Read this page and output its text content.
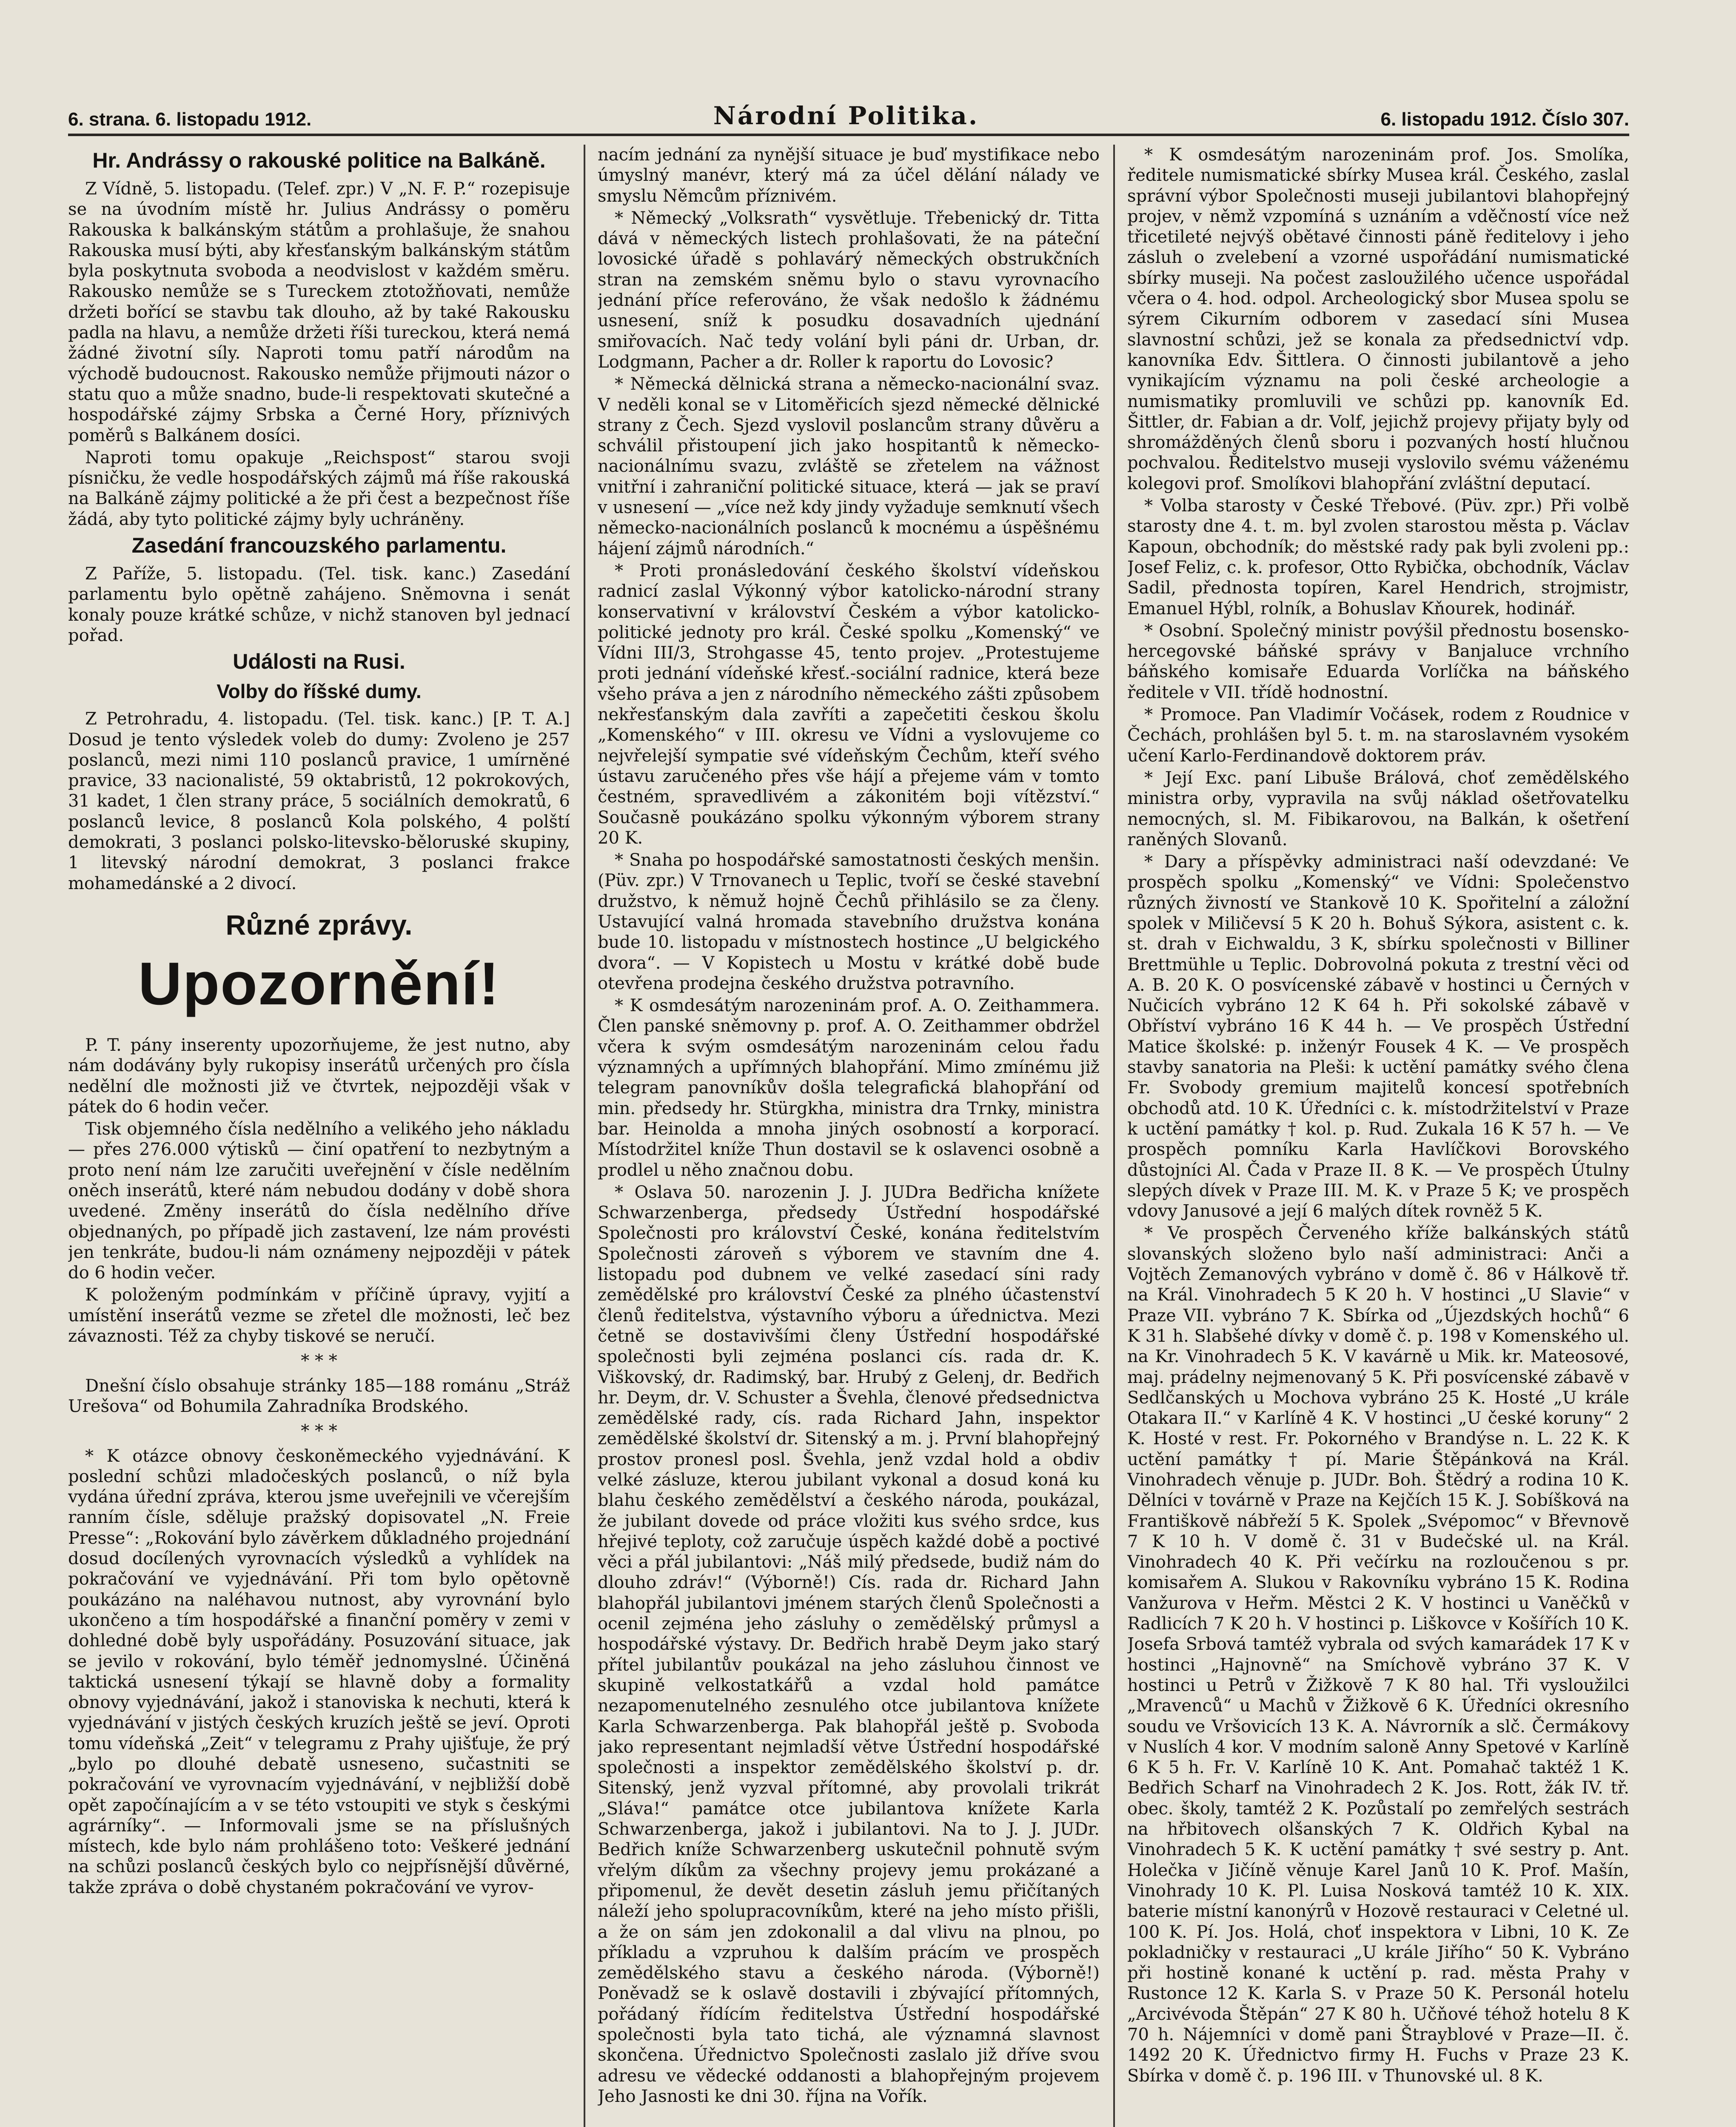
6. strana. 6. listopadu 1912.	Národní Politika.	6. listopadu 1912. Číslo 307.
Hr. Andrássy o rakouské politice na Balkáně.

Z Vídně, 5. listopadu. (Telef. zpr.) V „N. F. P.“ rozepisuje se na úvodním místě hr. Julius Andrássy o poměru Rakouska k balkánským státům a prohlašuje, že snahou Rakouska musí býti, aby křesťanským balkánským státům byla poskytnuta svoboda a neodvislost v každém směru. Rakousko nemůže se s Tureckem ztotožňovati, nemůže držeti bořící se stavbu tak dlouho, až by také Rakousku padla na hlavu, a nemůže držeti říši tureckou, která nemá žádné životní síly. Naproti tomu patří národům na východě budoucnost. Rakousko nemůže přijmouti názor o statu quo a může snadno, bude-li respektovati skutečné a hospodářské zájmy Srbska a Černé Hory, příznivých poměrů s Balkánem dosíci.

Naproti tomu opakuje „Reichspost“ starou svoji písničku, že vedle hospodářských zájmů má říše rakouská na Balkáně zájmy politické a že při čest a bezpečnost říše žádá, aby tyto politické zájmy byly uchráněny.

Zasedání francouzského parlamentu.

Z Paříže, 5. listopadu. (Tel. tisk. kanc.) Zasedání parlamentu bylo opětně zahájeno. Sněmovna i senát konaly pouze krátké schůze, v nichž stanoven byl jednací pořad.

Události na Rusi.
Volby do říšské dumy.

Z Petrohradu, 4. listopadu. (Tel. tisk. kanc.) [P. T. A.] Dosud je tento výsledek voleb do dumy: Zvoleno je 257 poslanců, mezi nimi 110 poslanců pravice, 1 umírněné pravice, 33 nacionalisté, 59 oktabristů, 12 pokrokových, 31 kadet, 1 člen strany práce, 5 sociálních demokratů, 6 poslanců levice, 8 poslanců Kola polského, 4 polští demokrati, 3 poslanci polsko-litevsko-běloruské skupiny, 1 litevský národní demokrat, 3 poslanci frakce mohamedánské a 2 divocí.

Různé zprávy.
Upozornění!

P. T. pány inserenty upozorňujeme, že jest nutno, aby nám dodávány byly rukopisy inserátů určených pro čísla nedělní dle možnosti již ve čtvrtek, nejpozději však v pátek do 6 hodin večer.

Tisk objemného čísla nedělního a velikého jeho nákladu — přes 276.000 výtisků — činí opatření to nezbytným a proto není nám lze zaručiti uveřejnění v čísle nedělním oněch inserátů, které nám nebudou dodány v době shora uvedené. Změny inserátů do čísla nedělního dříve objednaných, po případě jich zastavení, lze nám provésti jen tenkráte, budou-li nám oznámeny nejpozději v pátek do 6 hodin večer.

K položeným podmínkám v příčině úpravy, vyjití a umístění inserátů vezme se zřetel dle možnosti, leč bez závaznosti. Též za chyby tiskové se neručí.

* * *

Dnešní číslo obsahuje stránky 185—188 románu „Stráž Urešova“ od Bohumila Zahradníka Brodského.

* * *

* K otázce obnovy českoněmeckého vyjednávání. K poslední schůzi mladočeských poslanců, o níž byla vydána úřední zpráva, kterou jsme uveřejnili ve včerejším ranním čísle, sděluje pražský dopisovatel „N. Freie Presse“: „Rokování bylo závěrkem důkladného projednání dosud docílených vyrovnacích výsledků a vyhlídek na pokračování ve vyjednávání. Při tom bylo opětovně poukázáno na naléhavou nutnost, aby vyrovnání bylo ukončeno a tím hospodářské a finanční poměry v zemi v dohledné době byly uspořádány. Posuzování situace, jak se jevilo v rokování, bylo téměř jednomyslné. Účiněná taktická usnesení týkají se hlavně doby a formality obnovy vyjednávání, jakož i stanoviska k nechuti, která k vyjednávání v jistých českých kruzích ještě se jeví. Oproti tomu vídeňská „Zeit“ v telegramu z Prahy ujišťuje, že prý „bylo po dlouhé debatě usneseno, sučastniti se pokračování ve vyrovnacím vyjednávání, v nejbližší době opět započínajícím a v se této vstoupiti ve styk s českými agrárníky“. — Informovali jsme se na příslušných místech, kde bylo nám prohlášeno toto: Veškeré jednání na schůzi poslanců českých bylo co nejpřísnější důvěrné, takže zpráva o době chystaném pokračování ve vyrov-

nacím jednání za nynější situace je buď mystifikace nebo úmyslný manévr, který má za účel dělání nálady ve smyslu Němcům příznivém.

* Německý „Volksrath“ vysvětluje. Třebenický dr. Titta dává v německých listech prohlašovati, že na páteční lovosické úřadě s pohlavárý německých obstrukčních stran na zemském sněmu bylo o stavu vyrovnacího jednání příce referováno, že však nedošlo k žádnému usnesení, sníž k posudku dosavadních ujednání smiřovacích. Nač tedy volání byli páni dr. Urban, dr. Lodgmann, Pacher a dr. Roller k raportu do Lovosic?

* Německá dělnická strana a německo-nacionální svaz. V neděli konal se v Litoměřicích sjezd německé dělnické strany z Čech. Sjezd vyslovil poslancům strany důvěru a schválil přistoupení jich jako hospitantů k německo-nacionálnímu svazu, zvláště se zřetelem na vážnost vnitřní i zahraniční politické situace, která — jak se praví v usnesení — „více než kdy jindy vyžaduje semknutí všech německo-nacionálních poslanců k mocnému a úspěšnému hájení zájmů národních.“

* Proti pronásledování českého školství vídeňskou radnicí zaslal Výkonný výbor katolicko-národní strany konservativní v království Českém a výbor katolicko-politické jednoty pro král. České spolku „Komenský“ ve Vídni III/3, Strohgasse 45, tento projev. „Protestujeme proti jednání vídeňské křesť.-sociální radnice, která beze všeho práva a jen z národního německého zášti způsobem nekřesťanským dala zavříti a zapečetiti českou školu „Komenského“ v III. okresu ve Vídni a vyslovujeme co nejvřelejší sympatie své vídeňským Čechům, kteří svého ústavu zaručeného přes vše hájí a přejeme vám v tomto čestném, spravedlivém a zákonitém boji vítězství.“ Současně poukázáno spolku výkonným výborem strany 20 K.

* Snaha po hospodářské samostatnosti českých menšin. (Püv. zpr.) V Trnovanech u Teplic, tvoří se české stavební družstvo, k němuž hojně Čechů přihlásilo se za členy. Ustavující valná hromada stavebního družstva konána bude 10. listopadu v místnostech hostince „U belgického dvora“. — V Kopistech u Mostu v krátké době bude otevřena prodejna českého družstva potravního.

* K osmdesátým narozeninám prof. A. O. Zeithammera. Člen panské sněmovny p. prof. A. O. Zeithammer obdržel včera k svým osmdesátým narozeninám celou řadu významných a upřímných blahopřání. Mimo zmínému již telegram panovníkův došla telegrafická blahopřání od min. předsedy hr. Stürgkha, ministra dra Trnky, ministra bar. Heinolda a mnoha jiných osobností a korporací. Místodržitel kníže Thun dostavil se k oslavenci osobně a prodlel u něho značnou dobu.

* Oslava 50. narozenin J. J. JUDra Bedřicha knížete Schwarzenberga, předsedy Ústřední hospodářské Společnosti pro království České, konána ředitelstvím Společnosti zároveň s výborem ve stavním dne 4. listopadu pod dubnem ve velké zasedací síni rady zemědělské pro království České za plného účastenství členů ředitelstva, výstavního výboru a úřednictva. Mezi četně se dostavivšími členy Ústřední hospodářské společnosti byli zejména poslanci cís. rada dr. K. Viškovský, dr. Radimský, bar. Hrubý z Gelenj, dr. Bedřich hr. Deym, dr. V. Schuster a Švehla, členové předsednictva zemědělské rady, cís. rada Richard Jahn, inspektor zemědělské školství dr. Sitenský a m. j. První blahopřejný prostov pronesl posl. Švehla, jenž vzdal hold a obdiv velké zásluze, kterou jubilant vykonal a dosud koná ku blahu českého zemědělství a českého národa, poukázal, že jubilant dovede od práce vložiti kus svého srdce, kus hřejivé teploty, což zaručuje úspěch každé době a poctivé věci a přál jubilantovi: „Náš milý předsede, budiž nám do dlouho zdráv!“ (Výborně!) Cís. rada dr. Richard Jahn blahopřál jubilantovi jménem starých členů Společnosti a ocenil zejména jeho zásluhy o zemědělský průmysl a hospodářské výstavy. Dr. Bedřich hrabě Deym jako starý přítel jubilantův poukázal na jeho zásluhou činnost ve skupině velkostatkářů a vzdal hold památce nezapomenutelného zesnulého otce jubilantova knížete Karla Schwarzenberga. Pak blahopřál ještě p. Svoboda jako representant nejmladší větve Ústřední hospodářské společnosti a inspektor zemědělského školství p. dr. Sitenský, jenž vyzval přítomné, aby provolali trikrát „Sláva!“ památce otce jubilantova knížete Karla Schwarzenberga, jakož i jubilantovi. Na to J. J. JUDr. Bedřich kníže Schwarzenberg uskutečnil pohnutě svým vřelým díkům za všechny projevy jemu prokázané a připomenul, že devět desetin zásluh jemu přičítaných náleží jeho spolupracovníkům, které na jeho místo přišli, a že on sám jen zdokonalil a dal vlivu na plnou, po příkladu a vzpruhou k dalším prácím ve prospěch zemědělského stavu a českého národa. (Výborně!) Poněvadž se k oslavě dostavili i zbývající přítomných, pořádaný řídícím ředitelstva Ústřední hospodářské společnosti byla tato tichá, ale významná slavnost skončena. Úřednictvo Společnosti zaslalo již dříve svou adresu ve vědecké oddanosti a blahopřejným projevem Jeho Jasnosti ke dni 30. října na Vořík.

* K osmdesátým narozeninám prof. Jos. Smolíka, ředitele numismatické sbírky Musea král. Českého, zaslal správní výbor Společnosti museji jubilantovi blahopřejný projev, v němž vzpomíná s uznáním a vděčností více než třicetileté nejvýš obětavé činnosti páně ředitelovy i jeho zásluh o zvelebení a vzorné uspořádání numismatické sbírky museji. Na počest zasloužilého učence uspořádal včera o 4. hod. odpol. Archeologický sbor Musea spolu se sýrem Cikurním odborem v zasedací síni Musea slavnostní schůzi, jež se konala za předsednictví vdp. kanovníka Edv. Šittlera. O činnosti jubilantově a jeho vynikajícím významu na poli české archeologie a numismatiky promluvili ve schůzi pp. kanovník Ed. Šittler, dr. Fabian a dr. Volf, jejichž projevy přijaty byly od shromážděných členů sboru i pozvaných hostí hlučnou pochvalou. Ředitelstvo museji vyslovilo svému váženému kolegovi prof. Smolíkovi blahopřání zvláštní deputací.

* Volba starosty v České Třebové. (Püv. zpr.) Při volbě starosty dne 4. t. m. byl zvolen starostou města p. Václav Kapoun, obchodník; do městské rady pak byli zvoleni pp.: Josef Feliz, c. k. profesor, Otto Rybička, obchodník, Václav Sadil, přednosta topíren, Karel Hendrich, strojmistr, Emanuel Hýbl, rolník, a Bohuslav Kňourek, hodinář.

* Osobní. Společný ministr povýšil přednostu bosensko-hercegovské báňské správy v Banjaluce vrchního báňského komisaře Eduarda Vorlíčka na báňského ředitele v VII. třídě hodnostní.

* Promoce. Pan Vladimír Vočásek, rodem z Roudnice v Čechách, prohlášen byl 5. t. m. na staroslavném vysokém učení Karlo-Ferdinandově doktorem práv.

* Její Exc. paní Libuše Brálová, choť zemědělského ministra orby, vypravila na svůj náklad ošetřovatelku nemocných, sl. M. Fibikarovou, na Balkán, k ošetření raněných Slovanů.

* Dary a příspěvky administraci naší odevzdané: Ve prospěch spolku „Komenský“ ve Vídni: Společenstvo různých živností ve Stankově 10 K. Spořitelní a záložní spolek v Miličevsí 5 K 20 h. Bohuš Sýkora, asistent c. k. st. drah v Eichwaldu, 3 K, sbírku společnosti v Billiner Brettmühle u Teplic. Dobrovolná pokuta z trestní věci od A. B. 20 K. O posvícenské zábavě v hostinci u Černých v Nučicích vybráno 12 K 64 h. Při sokolské zábavě v Obříství vybráno 16 K 44 h. — Ve prospěch Ústřední Matice školské: p. inženýr Fousek 4 K. — Ve prospěch stavby sanatoria na Pleši: k uctění památky svého člena Fr. Svobody gremium majitelů koncesí spotřebních obchodů atd. 10 K. Úředníci c. k. místodržitelství v Praze k uctění památky † kol. p. Rud. Zukala 16 K 57 h. — Ve prospěch pomníku Karla Havlíčkovi Borovského důstojníci Al. Čada v Praze II. 8 K. — Ve prospěch Útulny slepých dívek v Praze III. M. K. v Praze 5 K; ve prospěch vdovy Janusové a její 6 malých dítek rovněž 5 K.

* Ve prospěch Červeného kříže balkánských států slovanských složeno bylo naší administraci: Anči a Vojtěch Zemanových vybráno v domě č. 86 v Hálkově tř. na Král. Vinohradech 5 K 20 h. V hostinci „U Slavie“ v Praze VII. vybráno 7 K. Sbírka od „Újezdských hochů“ 6 K 31 h. Slabšehé dívky v domě č. p. 198 v Komenského ul. na Kr. Vinohradech 5 K. V kavárně u Mik. kr. Mateosové, maj. prádelny nejmenovaný 5 K. Při posvícenské zábavě v Sedlčanských u Mochova vybráno 25 K. Hosté „U krále Otakara II.“ v Karlíně 4 K. V hostinci „U české koruny“ 2 K. Hosté v rest. Fr. Pokorného v Brandýse n. L. 22 K. K uctění památky † pí. Marie Štěpánková na Král. Vinohradech věnuje p. JUDr. Boh. Štědrý a rodina 10 K. Dělníci v továrně v Praze na Kejčích 15 K. J. Sobíšková na Františkově nábřeží 5 K. Spolek „Svépomoc“ v Břevnově 7 K 10 h. V domě č. 31 v Budečské ul. na Král. Vinohradech 40 K. Při večírku na rozloučenou s pr. komisařem A. Slukou v Rakovníku vybráno 15 K. Rodina Vanžurova v Heřm. Městci 2 K. V hostinci u Vaněčků v Radlicích 7 K 20 h. V hostinci p. Liškovce v Košířích 10 K. Josefa Srbová tamtéž vybrala od svých kamarádek 17 K v hostinci „Hajnovně“ na Smíchově vybráno 37 K. V hostinci u Petrů v Žižkově 7 K 80 hal. Tři vysloužilci „Mravenců“ u Machů v Žižkově 6 K. Úředníci okresního soudu ve Vršovicích 13 K. A. Návrorník a slč. Čermákovy v Nuslích 4 kor. V modním saloně Anny Spetové v Karlíně 6 K 5 h. Fr. V. Karlíně 10 K. Ant. Pomahač taktéž 1 K. Bedřich Scharf na Vinohradech 2 K. Jos. Rott, žák IV. tř. obec. školy, tamtéž 2 K. Pozůstalí po zemřelých sestrách na hřbitovech olšanských 7 K. Oldřich Kybal na Vinohradech 5 K. K uctění památky † své sestry p. Ant. Holečka v Jičíně věnuje Karel Janů 10 K. Prof. Mašín, Vinohrady 10 K. Pl. Luisa Nosková tamtéž 10 K. XIX. baterie místní kanonýrů v Hozově restauraci v Celetné ul. 100 K. Pí. Jos. Holá, choť inspektora v Libni, 10 K. Ze pokladničky v restauraci „U krále Jiřího“ 50 K. Vybráno při hostině konané k uctění p. rad. města Prahy v Rustonce 12 K. Karla S. v Praze 50 K. Personál hotelu „Arcivévoda Štěpán“ 27 K 80 h. Učňové téhož hotelu 8 K 70 h. Nájemníci v domě pani Štrayblové v Praze—II. č. 1492 20 K. Úřednictvo firmy H. Fuchs v Praze 23 K. Sbírka v domě č. p. 196 III. v Thunovské ul. 8 K.
